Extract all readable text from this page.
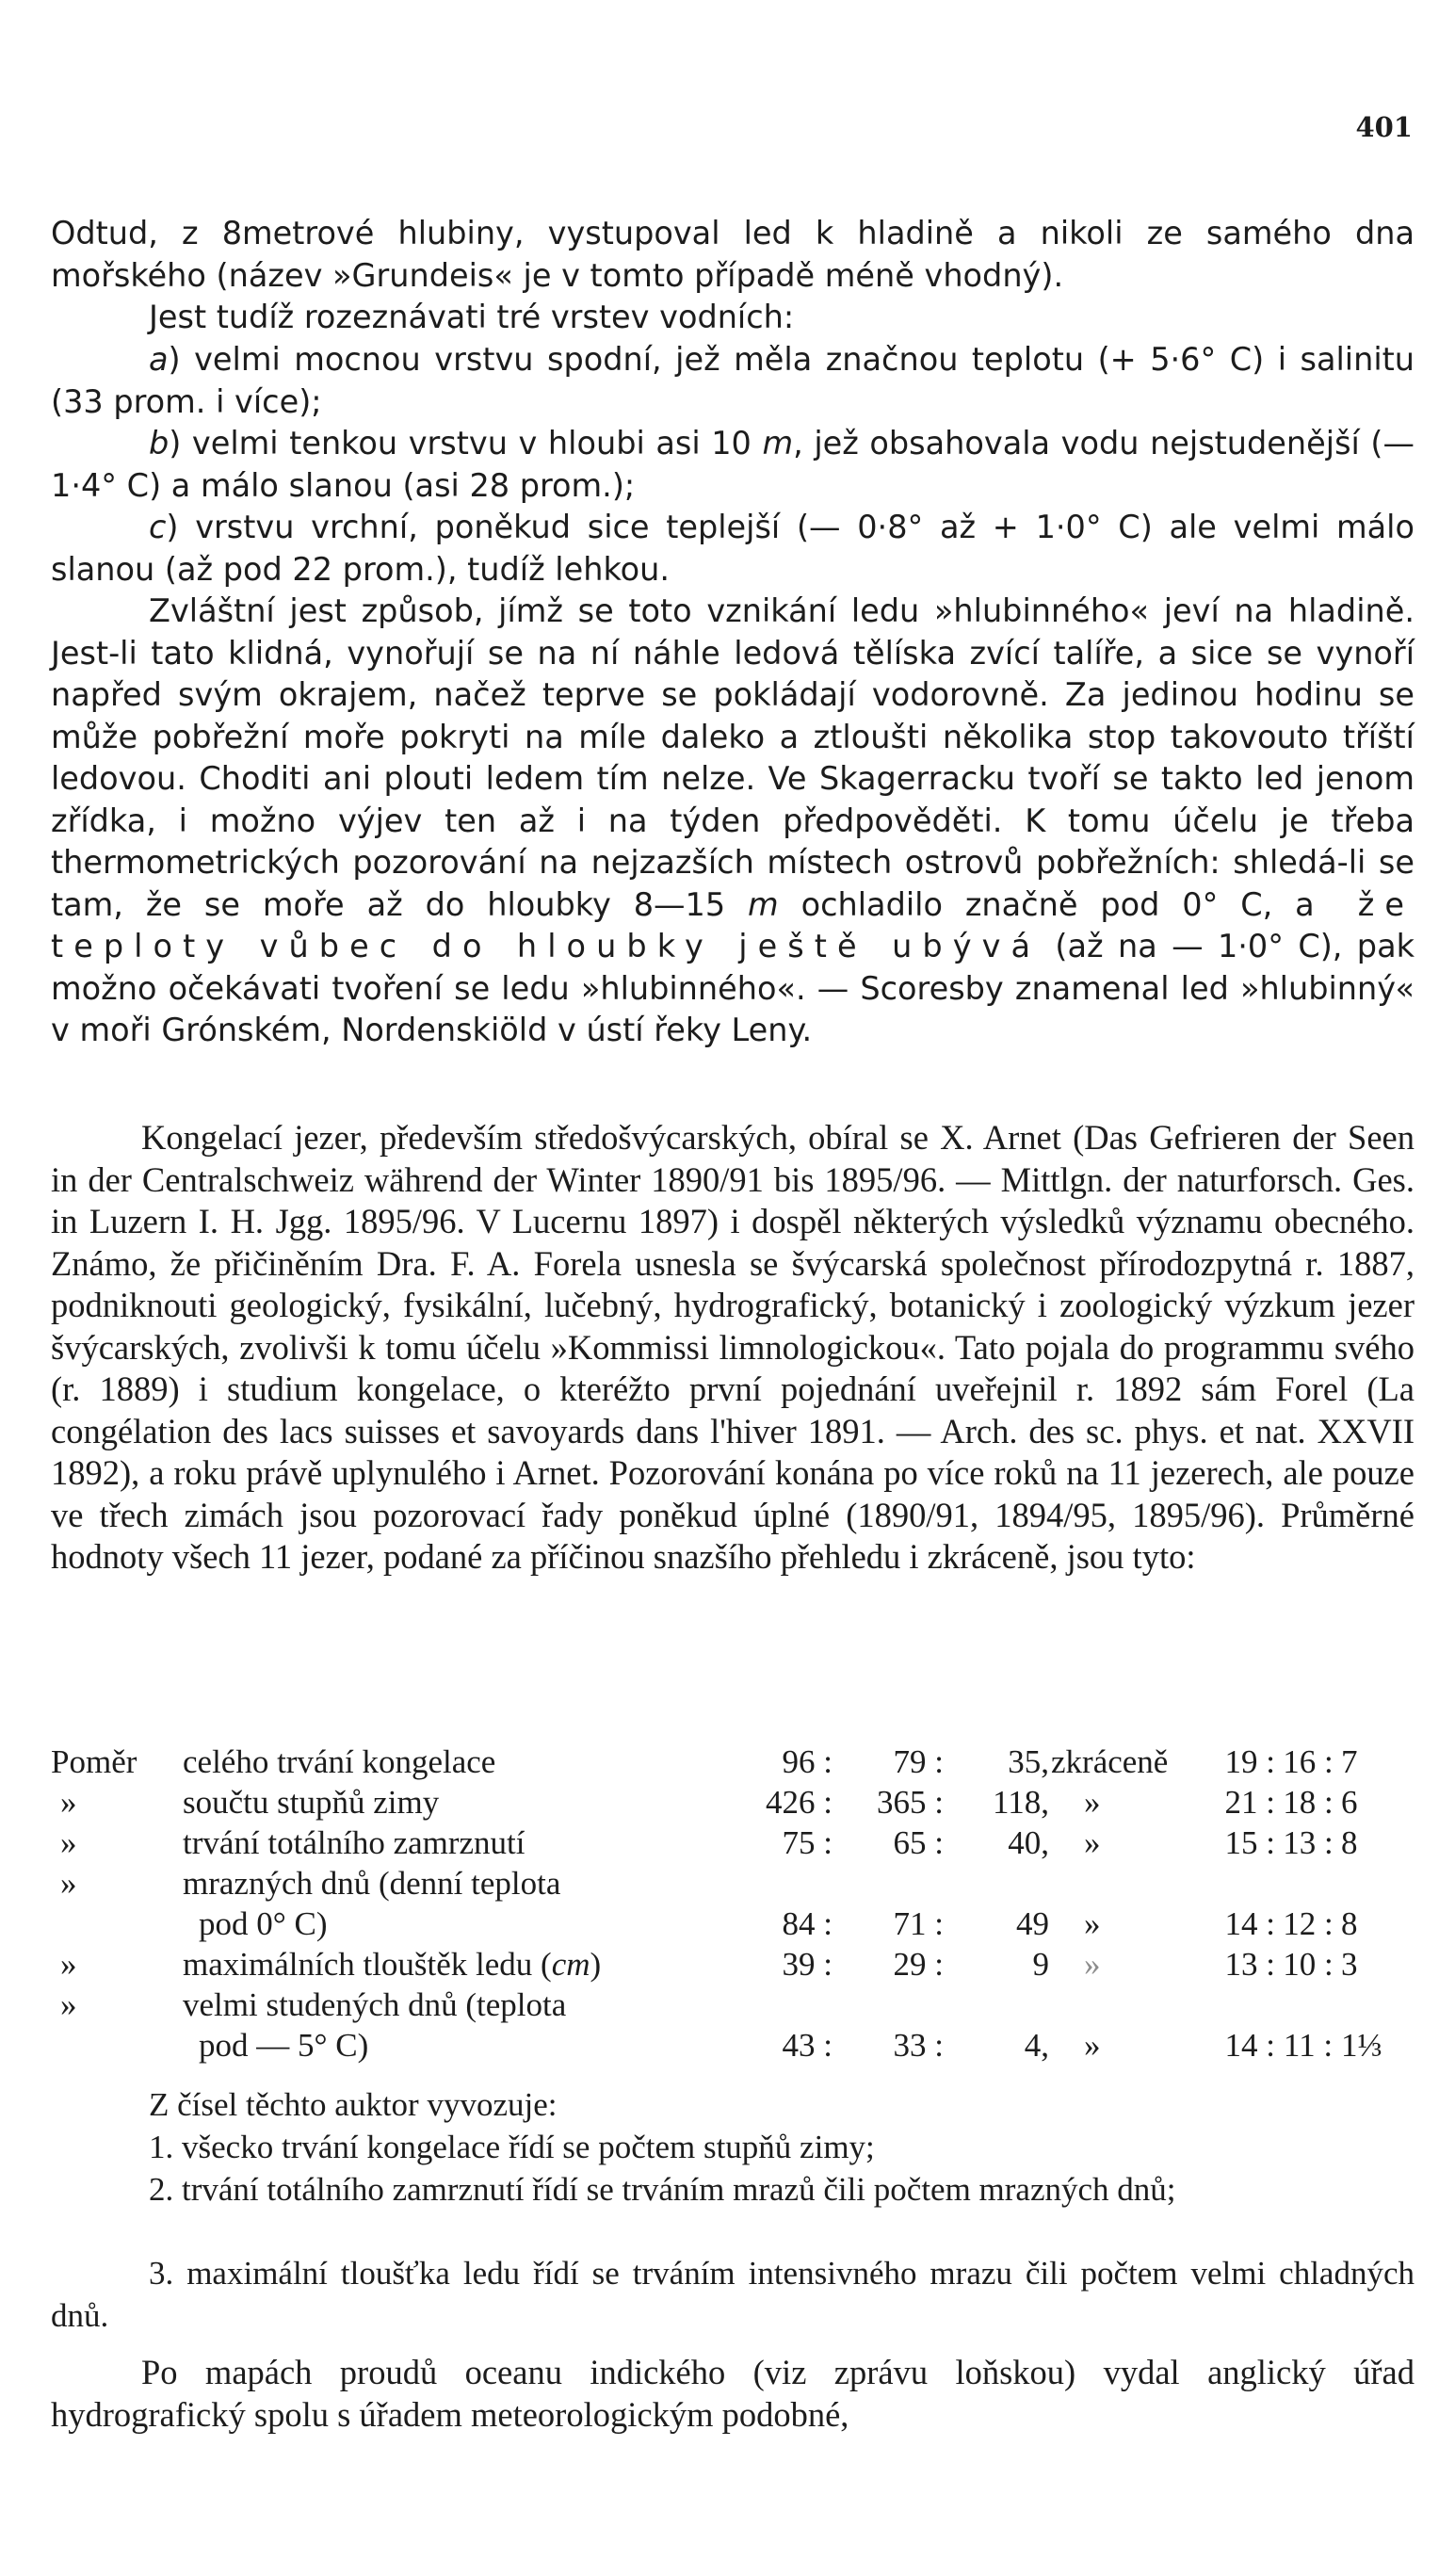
401

Odtud, z 8metrové hlubiny, vystupoval led k hladině a nikoli ze samého dna mořského (název »Grundeis« je v tomto případě méně vhodný).
Jest tudíž rozeznávati tré vrstev vodních:

a) velmi mocnou vrstvu spodní, jež měla značnou teplotu (+ 5·6° C) i salinitu (33 prom. i více);

b) velmi tenkou vrstvu v hloubi asi 10 m, jež obsahovala vodu nejstudenější (— 1·4° C) a málo slanou (asi 28 prom.);

c) vrstvu vrchní, poněkud sice teplejší (— 0·8° až + 1·0° C) ale velmi málo slanou (až pod 22 prom.), tudíž lehkou.

Zvláštní jest způsob, jímž se toto vznikání ledu »hlubinného« jeví na hladině. Jest-li tato klidná, vynořují se na ní náhle ledová tělíska zvící talíře, a sice se vynoří napřed svým okrajem, načež teprve se pokládají vodorovně. Za jedinou hodinu se může pobřežní moře pokryti na míle daleko a ztloušti několika stop takovouto tříští ledovou. Choditi ani plouti ledem tím nelze. Ve Skagerracku tvoří se takto led jenom zřídka, i možno výjev ten až i na týden předpověděti. K tomu účelu je třeba thermometrických pozorování na nejzazších místech ostrovů pobřežních: shledá-li se tam, že se moře až do hloubky 8—15 m ochladilo značně pod 0° C, a že teploty vůbec do hloubky ještě ubývá (až na — 1·0° C), pak možno očekávati tvoření se ledu »hlubinného«. — Scoresby znamenal led »hlubinný« v moři Grónském, Nordenskiöld v ústí řeky Leny.

Kongelací jezer, především středošvýcarských, obíral se X. Arnet (Das Gefrieren der Seen in der Centralschweiz während der Winter 1890/91 bis 1895/96. — Mittlgn. der naturforsch. Ges. in Luzern I. H. Jgg. 1895/96. V Lucernu 1897) i dospěl některých výsledků významu obecného. Známo, že přičiněním Dra. F. A. Forela usnesla se švýcarská společnost přírodozpytná r. 1887, podniknouti geologický, fysikální, lučebný, hydrografický, botanický i zoologický výzkum jezer švýcarských, zvolivši k tomu účelu »Kommissi limnologickou«. Tato pojala do programmu svého (r. 1889) i studium kongelace, o kteréžto první pojednání uveřejnil r. 1892 sám Forel (La congélation des lacs suisses et savoyards dans l'hiver 1891. — Arch. des sc. phys. et nat. XXVII 1892), a roku právě uplynulého i Arnet. Pozorování konána po více roků na 11 jezerech, ale pouze ve třech zimách jsou pozorovací řady poněkud úplné (1890/91, 1894/95, 1895/96). Průměrné hodnoty všech 11 jezer, podané za příčinou snazšího přehledu i zkráceně, jsou tyto:

Poměr celého trvání kongelace	96 :	79 :	35, zkráceně	19 : 16 : 7
»	součtu stupňů zimy	426 :	365 :	118, »	21 : 18 : 6
»	trvání totálního zamrznutí	75 :	65 :	40, »	15 : 13 : 8
»	mrazných dnů (denní teplota
pod 0° C)	84 :	71 :	49 »	14 : 12 : 8
»	maximálních tlouštěk ledu (cm)	39 :	29 :	9 »	13 : 10 : 3
»	velmi studených dnů (teplota
pod — 5° C)	43 :	33 :	4, »	14 : 11 : 1⅓

Z čísel těchto auktor vyvozuje:

1. všecko trvání kongelace řídí se počtem stupňů zimy;

2. trvání totálního zamrznutí řídí se trváním mrazů čili počtem mrazných dnů;

3. maximální tloušťka ledu řídí se trváním intensivného mrazu čili počtem velmi chladných dnů.

Po mapách proudů oceanu indického (viz zprávu loňskou) vydal anglický úřad hydrografický spolu s úřadem meteorologickým podobné,
